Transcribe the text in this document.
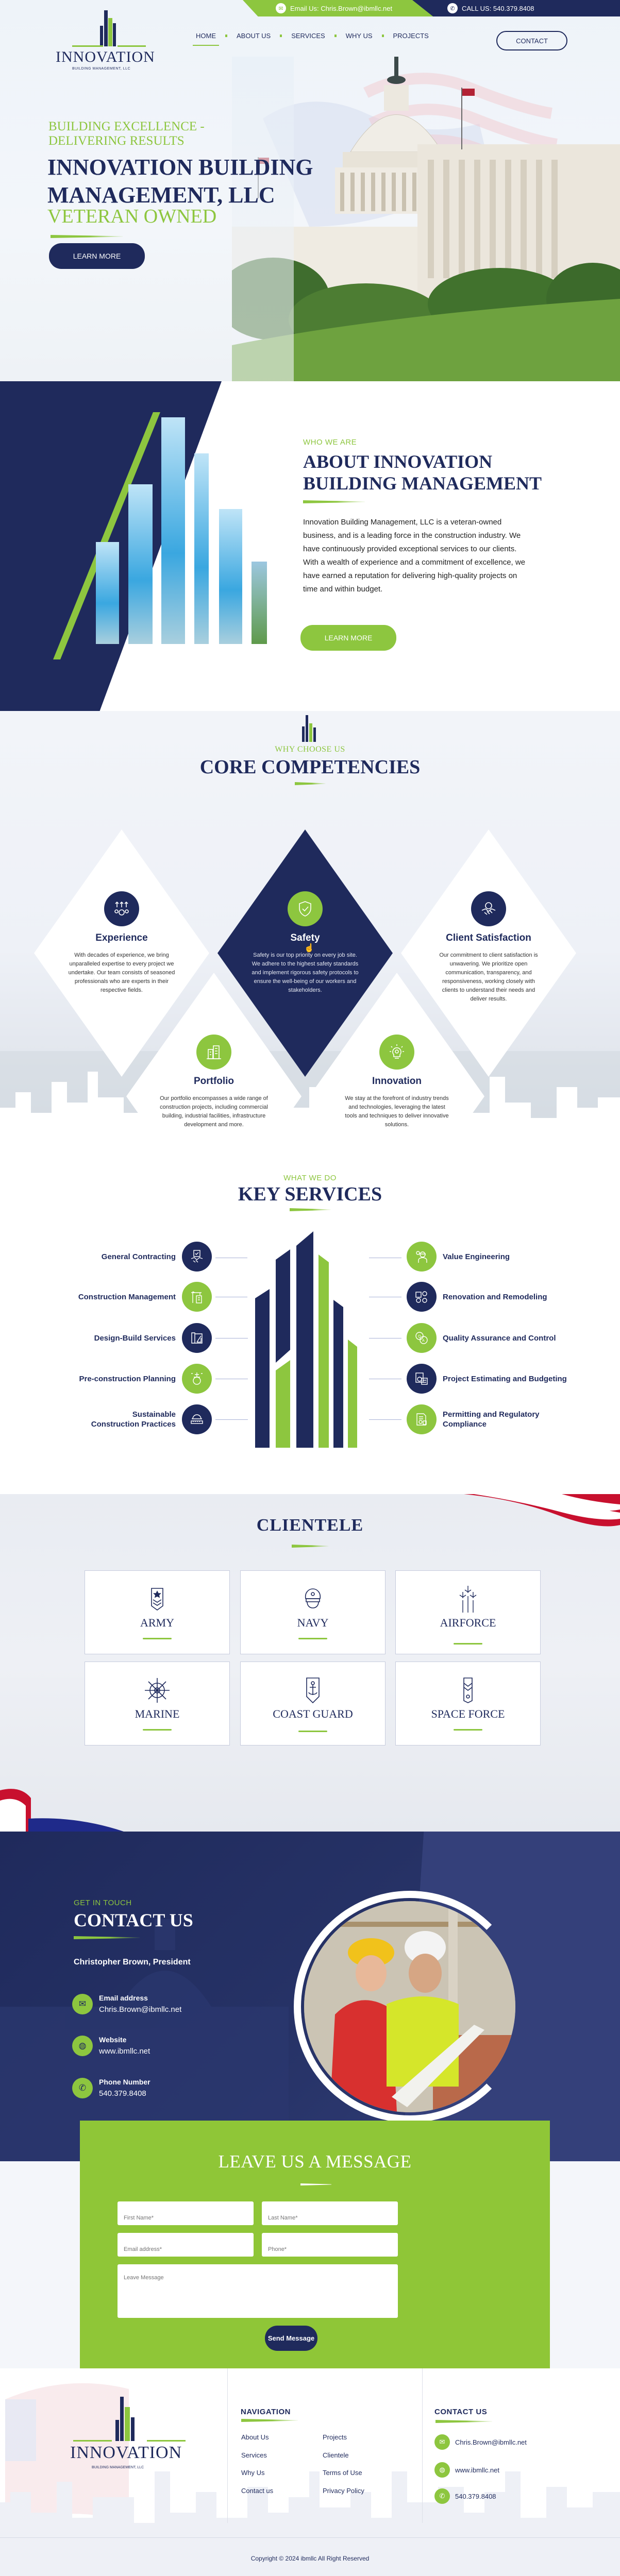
✉	Email Us: Chris.Brown@ibmllc.net	✆	CALL US: 540.379.8408
INNOVATION
BUILDING MANAGEMENT, LLC
HOME	ABOUT US	SERVICES	WHY US	PROJECTS
CONTACT
BUILDING EXCELLENCE -
DELIVERING RESULTS
INNOVATION BUILDING
MANAGEMENT, LLC
VETERAN OWNED
LEARN MORE
WHO WE ARE
ABOUT INNOVATION
BUILDING MANAGEMENT

Innovation Building Management, LLC is a veteran-owned business, and is a leading force in the construction industry. We have continuously provided exceptional services to our clients. With a wealth of experience and a commitment of excellence, we have earned a reputation for delivering high-quality projects on time and within budget.

LEARN MORE
WHY CHOOSE US
CORE COMPETENCIES
Experience

With decades of experience, we bring unparalleled expertise to every project we undertake. Our team consists of seasoned professionals who are experts in their respective fields.

Safety

Safety is our top priority on every job site. We adhere to the highest safety standards and implement rigorous safety protocols to ensure the well-being of our workers and stakeholders.

Client Satisfaction

Our commitment to client satisfaction is unwavering. We prioritize open communication, transparency, and responsiveness, working closely with clients to understand their needs and deliver results.

Portfolio

Our portfolio encompasses a wide range of construction projects, including commercial building, industrial facilities, infrastructure development and more.

Innovation

We stay at the forefront of industry trends and technologies, leveraging the latest tools and techniques to deliver innovative solutions.

☝
WHAT WE DO
KEY SERVICES
General Contracting
Construction Management
Design-Build Services
Pre-construction Planning
Sustainable Construction Practices
Value Engineering
Renovation and Remodeling
Q
A Quality Assurance and Control
Project Estimating and Budgeting
Permitting and Regulatory Compliance
CLIENTELE
ARMY	NAVY	AIRFORCE
MARINE	COAST GUARD	SPACE FORCE
GET IN TOUCH
CONTACT US
Christopher Brown, President
✉
Email address
Chris.Brown@ibmllc.net
◍
Website
www.ibmllc.net
✆
Phone Number
540.379.8408
LEAVE US A MESSAGE
First Name*
Last Name*
Email address*
Phone*
Leave Message
Send Message
INNOVATION
BUILDING MANAGEMENT, LLC
NAVIGATION
About Us
Services
Why Us
Contact us
Projects
Clientele
Terms of Use
Privacy Policy
CONTACT US
✉	Chris.Brown@ibmllc.net
◍	www.ibmllc.net
✆	540.379.8408
Copyright © 2024 ibmllc All Right Reserved
